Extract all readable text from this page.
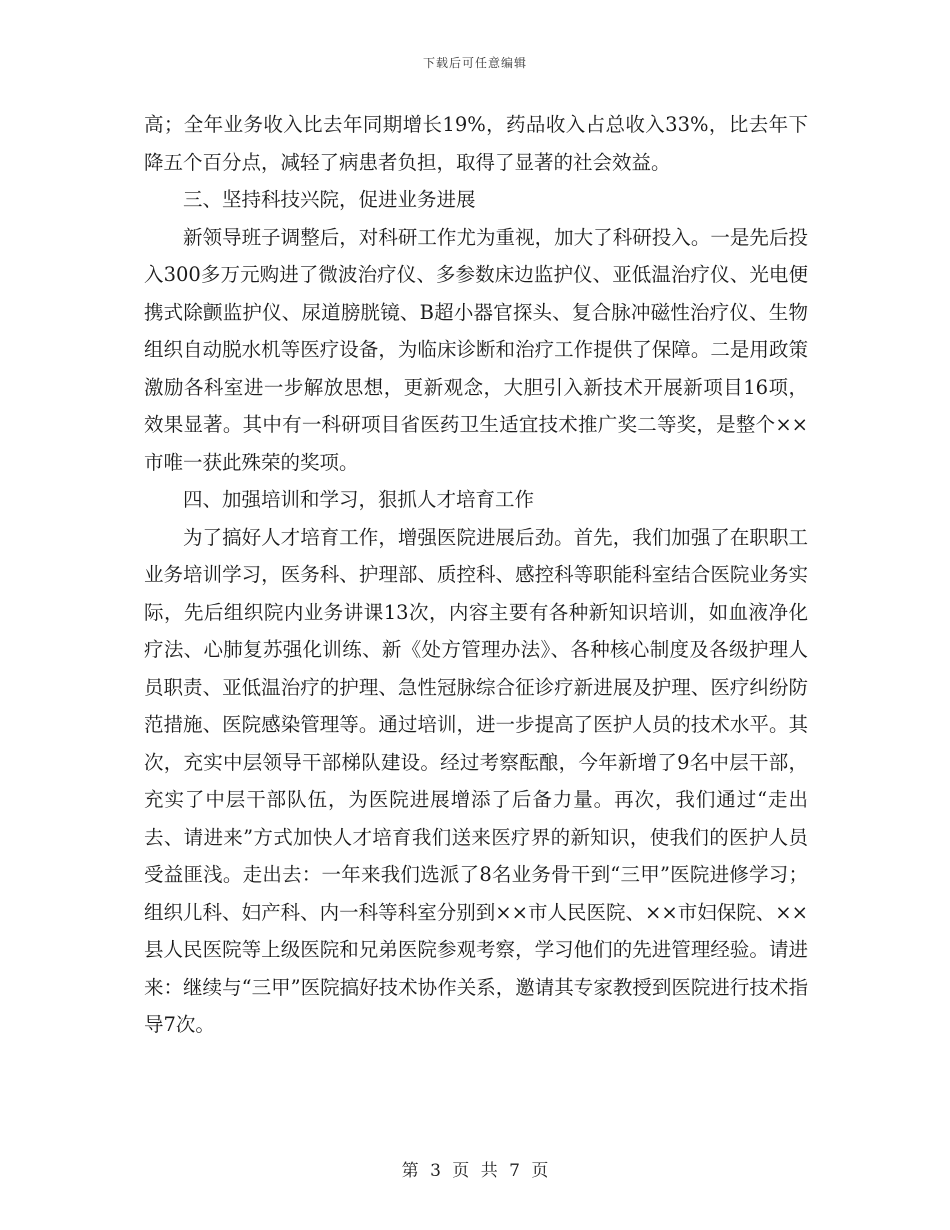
下载后可任意编辑

高；全年业务收入比去年同期增长19%，药品收入占总收入33%，比去年下降五个百分点，减轻了病患者负担，取得了显著的社会效益。

三、坚持科技兴院，促进业务进展

新领导班子调整后，对科研工作尤为重视，加大了科研投入。一是先后投入300多万元购进了微波治疗仪、多参数床边监护仪、亚低温治疗仪、光电便携式除颤监护仪、尿道膀胱镜、B超小器官探头、复合脉冲磁性治疗仪、生物组织自动脱水机等医疗设备，为临床诊断和治疗工作提供了保障。二是用政策激励各科室进一步解放思想，更新观念，大胆引入新技术开展新项目16项，效果显著。其中有一科研项目省医药卫生适宜技术推广奖二等奖，是整个××市唯一获此殊荣的奖项。

四、加强培训和学习，狠抓人才培育工作

为了搞好人才培育工作，增强医院进展后劲。首先，我们加强了在职职工业务培训学习，医务科、护理部、质控科、感控科等职能科室结合医院业务实际，先后组织院内业务讲课13次，内容主要有各种新知识培训，如血液净化疗法、心肺复苏强化训练、新《处方管理办法》、各种核心制度及各级护理人员职责、亚低温治疗的护理、急性冠脉综合征诊疗新进展及护理、医疗纠纷防范措施、医院感染管理等。通过培训，进一步提高了医护人员的技术水平。其次，充实中层领导干部梯队建设。经过考察酝酿，今年新增了9名中层干部，充实了中层干部队伍，为医院进展增添了后备力量。再次，我们通过“走出去、请进来”方式加快人才培育我们送来医疗界的新知识，使我们的医护人员受益匪浅。走出去：一年来我们选派了8名业务骨干到“三甲”医院进修学习；组织儿科、妇产科、内一科等科室分别到××市人民医院、××市妇保院、××县人民医院等上级医院和兄弟医院参观考察，学习他们的先进管理经验。请进来：继续与“三甲”医院搞好技术协作关系，邀请其专家教授到医院进行技术指导7次。

第 3 页 共 7 页
